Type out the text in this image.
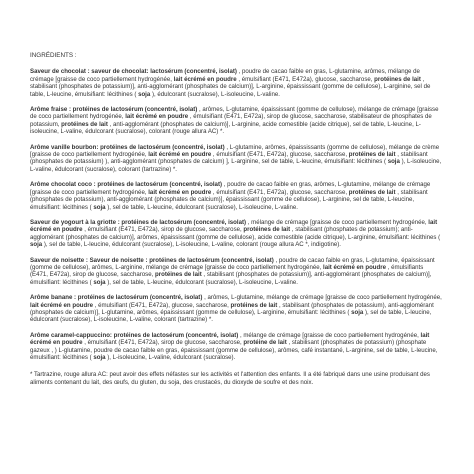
INGRÉDIENTS :
Saveur de chocolat : saveur de chocolat: lactosérum (concentré, isolat) , poudre de cacao faible en gras, L-glutamine, arômes, mélange de crémage [graisse de coco partiellement hydrogénée, lait écrémé en poudre , émulsifiant (E471, E472a), glucose, saccharose, protéines de lait , stabilisant (phosphates de potassium)], anti-agglomérant (phosphates de calcium)], L-arginine, épaississant (gomme de cellulose), L-arginine, sel de table, L-leucine, émulsifiant: lécithines ( soja ), édulcorant (sucralose), L-isoleucine, L-valine.
Arôme fraise : protéines de lactosérum (concentré, isolat) , arômes, L-glutamine, épaississant (gomme de cellulose), mélange de crémage [graisse de coco partiellement hydrogénée, lait écrémé en poudre , émulsifiant (E471, E472a), sirop de glucose, saccharose, stabilisateur de phosphates de potassium, protéines de lait , anti-agglomérant (phosphates de calcium)], L-arginine, acide comestible (acide citrique), sel de table, L-leucine, L-isoleucine, L-valine, édulcorant (sucralose), colorant (rouge allura AC) *.
Arôme vanille bourbon: protéines de lactosérum (concentré, isolat) , L-glutamine, arômes, épaississants (gomme de cellulose), mélange de crème [graisse de coco partiellement hydrogénée, lait écrémé en poudre , émulsifiant (E471, E472a), glucose, saccharose, protéines de lait , stabilisant (phosphates de potassium) ), anti-agglomérant (phosphates de calcium) ], L-arginine, sel de table, L-leucine, émulsifiant: lécithines ( soja ), L-isoleucine, L-valine, édulcorant (sucralose), colorant (tartrazine) *.
Arôme chocolat coco : protéines de lactosérum (concentré, isolat) , poudre de cacao faible en gras, arômes, L-glutamine, mélange de crémage [graisse de coco partiellement hydrogénée, lait écrémé en poudre , émulsifiant (E471, E472a), glucose, saccharose, protéines de lait , stabilisant (phosphates de potassium), anti-agglomérant (phosphates de calcium)], épaississant (gomme de cellulose), L-arginine, sel de table, L-leucine, émulsifiant: lécithines ( soja ), sel de table, L-leucine, édulcorant (sucralose), L-isoleucine, L-valine.
Saveur de yogourt à la griotte : protéines de lactosérum (concentré, isolat) , mélange de crémage [graisse de coco partiellement hydrogénée, lait écrémé en poudre , émulsifiant (E471, E472a), sirop de glucose, saccharose, protéines de lait , stabilisant (phosphates de potassium); anti-agglomérant (phosphates de calcium)], arômes, épaississant (gomme de cellulose), acide comestible (acide citrique), L-arginine, émulsifiant: lécithines ( soja ), sel de table, L-leucine, édulcorant (sucralose), L-isoleucine, L-valine, colorant (rouge allura AC *, indigotine).
Saveur de noisette : Saveur de noisette : protéines de lactosérum (concentré, isolat) , poudre de cacao faible en gras, L-glutamine, épaississant (gomme de cellulose), arômes, L-arginine, mélange de crémage [graisse de coco partiellement hydrogénée, lait écrémé en poudre , émulsifiants (E471, E472a), sirop de glucose, saccharose, protéines de lait , stabilisant (phosphates de potassium)], anti-agglomérant (phosphates de calcium)], émulsifiant: lécithines ( soja ), sel de table, L-leucine, édulcorant (sucralose), L-isoleucine, L-valine.
Arôme banane : protéines de lactosérum (concentré, isolat) , arômes, L-glutamine, mélange de crémage [graisse de coco partiellement hydrogénée, lait écrémé en poudre , émulsifiant (E471, E472a), glucose, saccharose, protéines de lait , stabilisant (phosphates de potassium), anti-agglomérant (phosphates de calcium)], L-glutamine, arômes, épaississant (gomme de cellulose), L-arginine, émulsifiant: lécithines ( soja ), sel de table, L-leucine, édulcorant (sucralose), L-isoleucine, L-valine, colorant (tartrazine) *.
Arôme caramel-cappuccino: protéines de lactosérum (concentré, isolat) , mélange de crémage [graisse de coco partiellement hydrogénée, lait écrémé en poudre , émulsifiant (E471, E472a), sirop de glucose, saccharose, protéine de lait , stabilisant (phosphates de potassium) (phosphate gazeux , ) L-glutamine, poudre de cacao faible en gras, épaississant (gomme de cellulose), arômes, café instantané, L-arginine, sel de table, L-leucine, émulsifiant: lécithines ( soja ), L-isoleucine, L-valine, édulcorant (sucralose).
* Tartrazine, rouge allura AC: peut avoir des effets néfastes sur les activités et l'attention des enfants. Il a été fabriqué dans une usine produisant des aliments contenant du lait, des œufs, du gluten, du soja, des crustacés, du dioxyde de soufre et des noix.
